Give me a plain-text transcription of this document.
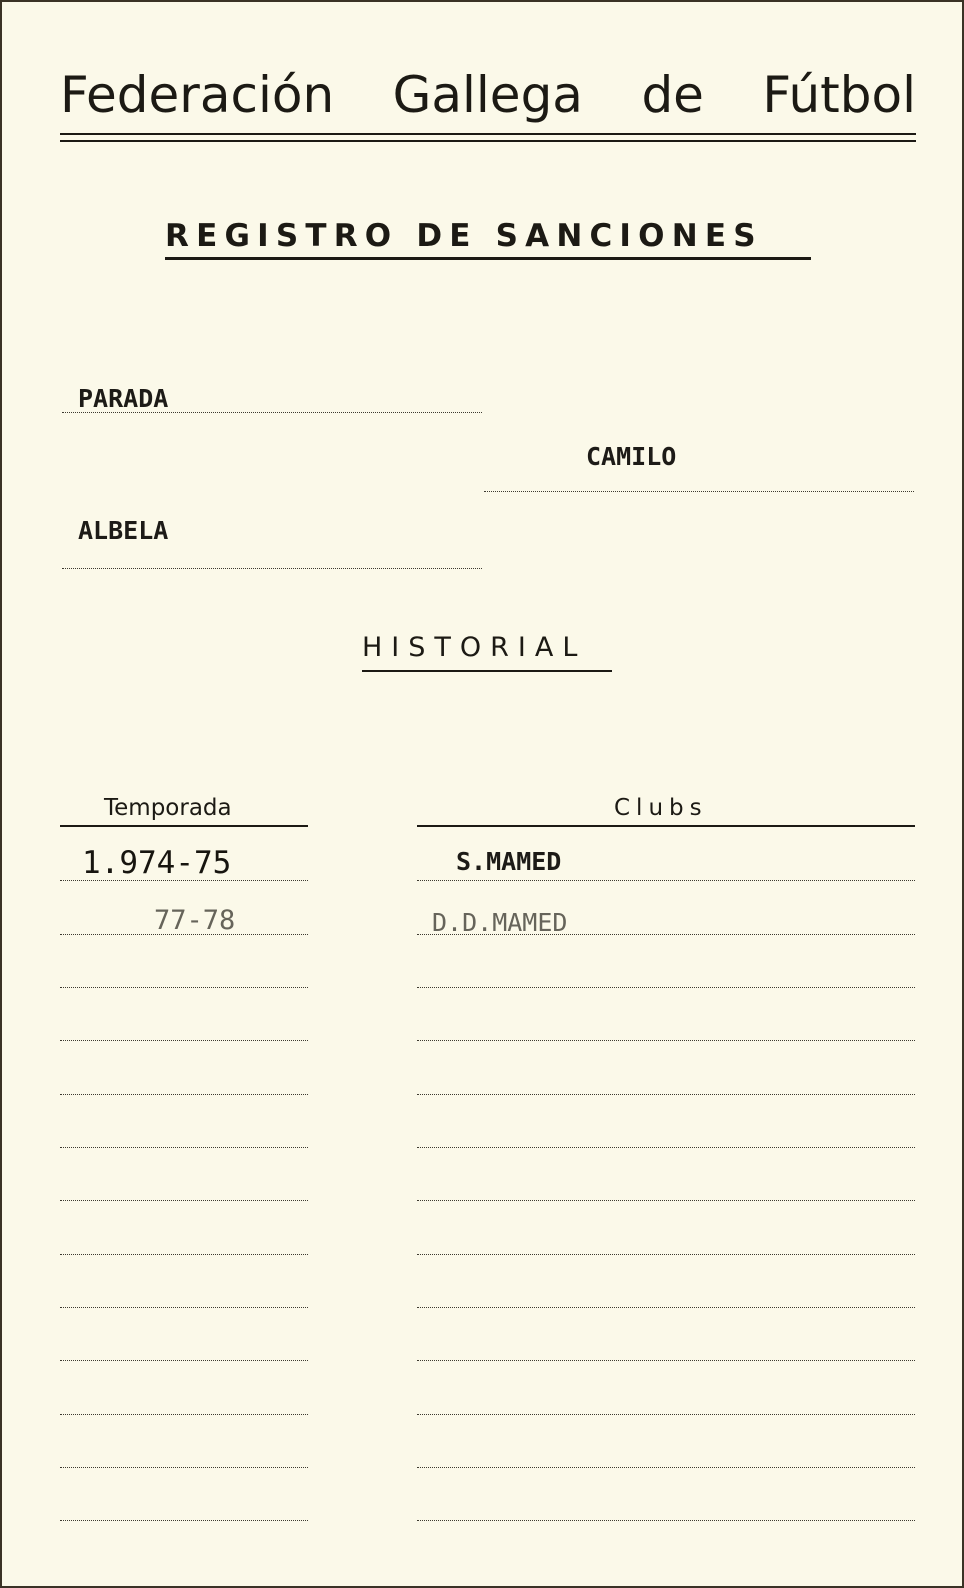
Federación Gallega de Fútbol
REGISTRO DE SANCIONES
PARADA
CAMILO
ALBELA
HISTORIAL
Temporada	Clubs
1.974-75	S.MAMED
77-78	D.D.MAMED
